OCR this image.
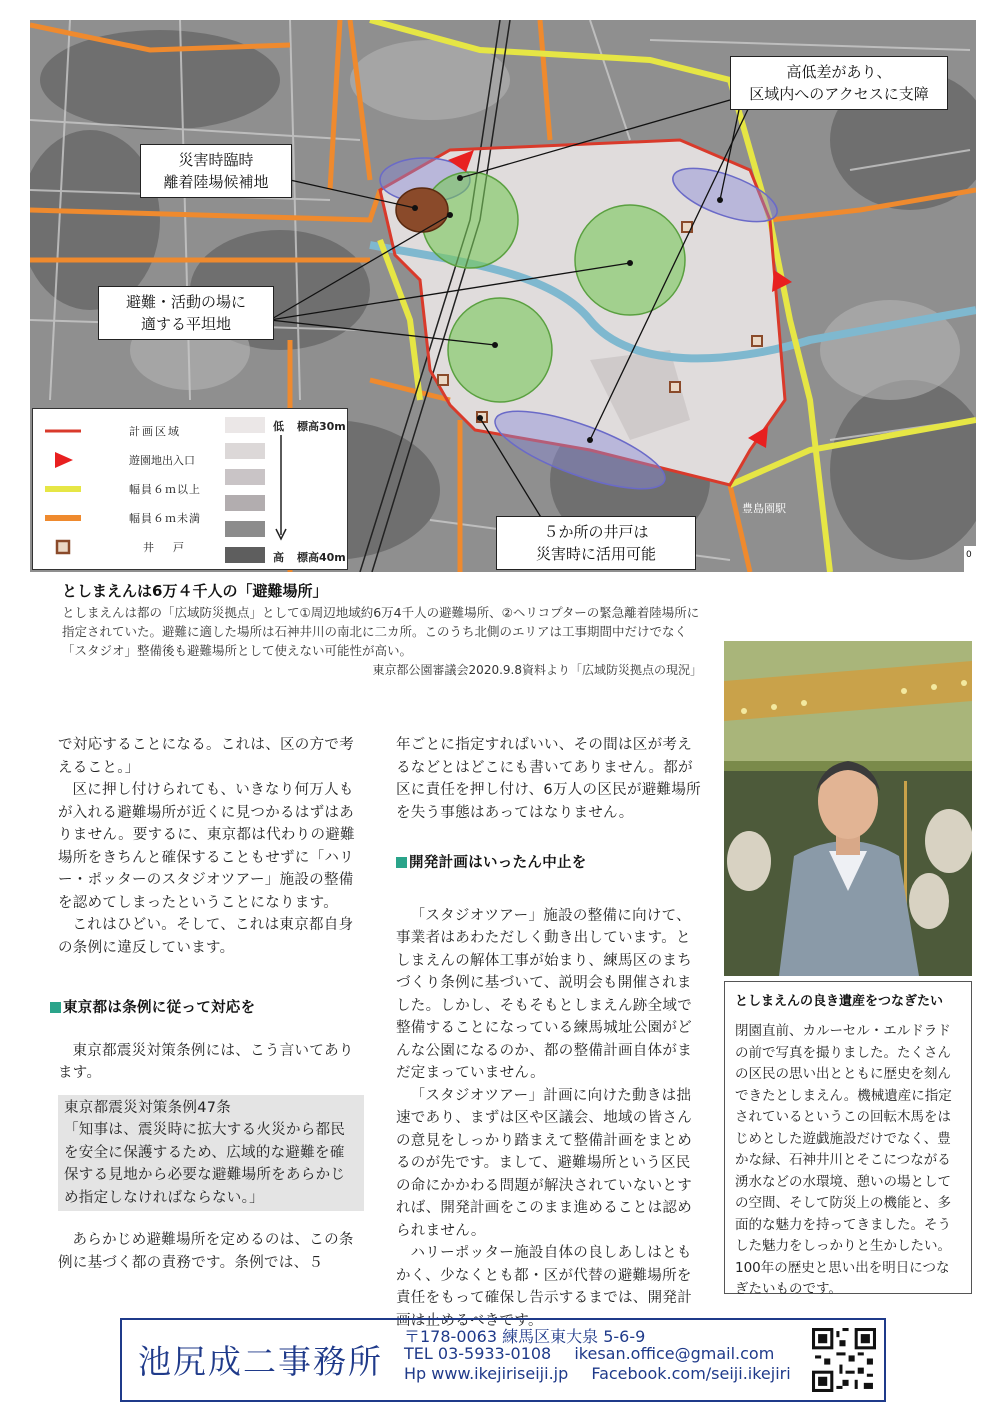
災害時臨時
離着陸場候補地
高低差があり、
区域内へのアクセスに支障
避難・活動の場に
適する平坦地
５か所の井戸は
災害時に活用可能
豊島園駅
0
計画区域
遊園地出入口
幅員６ｍ以上
幅員６ｍ未満
井　戸
低 標高30m
高 標高40m
としまえんは6万４千人の「避難場所」
としまえんは都の「広域防災拠点」として①周辺地域約6万4千人の避難場所、②ヘリコプターの緊急離着陸場所に指定されていた。避難に適した場所は石神井川の南北に二カ所。このうち北側のエリアは工事期間中だけでなく「スタジオ」整備後も避難場所として使えない可能性が高い。
東京都公園審議会2020.9.8資料より「広域防災拠点の現況」

で対応することになる。これは、区の方で考えること。」

区に押し付けられても、いきなり何万人もが入れる避難場所が近くに見つかるはずはありません。要するに、東京都は代わりの避難場所をきちんと確保することもせずに「ハリー・ポッターのスタジオツアー」施設の整備を認めてしまったということになります。

これはひどい。そして、これは東京都自身の条例に違反しています。

東京都は条例に従って対応を

東京都震災対策条例には、こう言いてあります。

東京都震災対策条例47条
「知事は、震災時に拡大する火災から都民を安全に保護するため、広域的な避難を確保する見地から必要な避難場所をあらかじめ指定しなければならない。」

あらかじめ避難場所を定めるのは、この条例に基づく都の責務です。条例では、５

年ごとに指定すればいい、その間は区が考えるなどとはどこにも書いてありません。都が区に責任を押し付け、6万人の区民が避難場所を失う事態はあってはなりません。

開発計画はいったん中止を

「スタジオツアー」施設の整備に向けて、事業者はあわただしく動き出しています。としまえんの解体工事が始まり、練馬区のまちづくり条例に基づいて、説明会も開催されました。しかし、そもそもとしまえん跡全域で整備することになっている練馬城址公園がどんな公園になるのか、都の整備計画自体がまだ定まっていません。

「スタジオツアー」計画に向けた動きは拙速であり、まずは区や区議会、地域の皆さんの意見をしっかり踏まえて整備計画をまとめるのが先です。まして、避難場所という区民の命にかかわる問題が解決されていないとすれば、開発計画をこのまま進めることは認められません。

ハリーポッター施設自体の良しあしはともかく、少なくとも都・区が代替の避難場所を責任をもって確保し告示するまでは、開発計画は止めるべきです。

としまえんの良き遺産をつなぎたい
閉園直前、カルーセル・エルドラドの前で写真を撮りました。たくさんの区民の思い出とともに歴史を刻んできたとしまえん。機械遺産に指定されているというこの回転木馬をはじめとした遊戯施設だけでなく、豊かな緑、石神井川とそこにつながる湧水などの水環境、憩いの場としての空間、そして防災上の機能と、多面的な魅力を持ってきました。そうした魅力をしっかりと生かしたい。100年の歴史と思い出を明日につなぎたいものです。
池尻成二事務所
〒178-0063 練馬区東大泉 5-6-9
TEL 03-5933-0108 ikesan.office@gmail.com
Hp www.ikejiriseiji.jp Facebook.com/seiji.ikejiri
